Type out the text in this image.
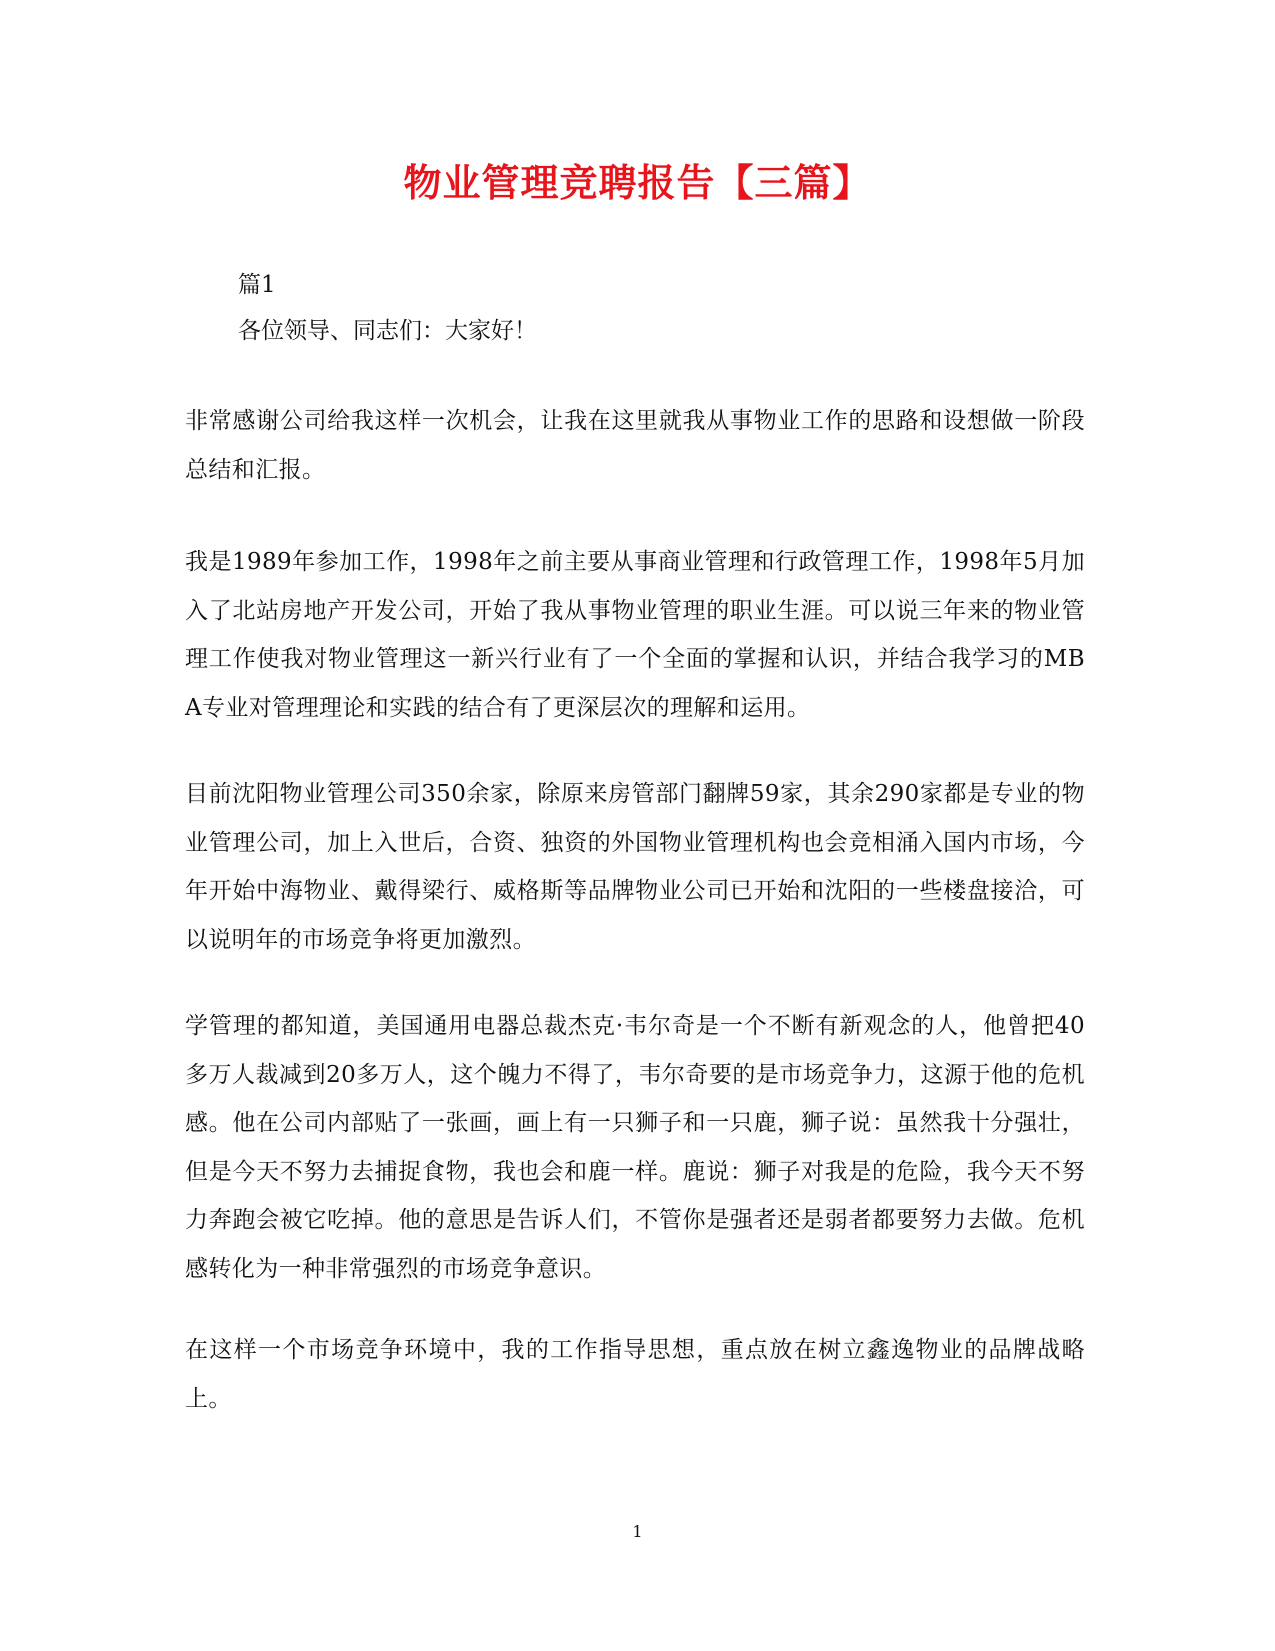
物业管理竞聘报告【三篇】
篇1
各位领导、同志们：大家好！
非常感谢公司给我这样一次机会，让我在这里就我从事物业工作的思路和设想做一阶段总结和汇报。
我是1989年参加工作，1998年之前主要从事商业管理和行政管理工作，1998年5月加入了北站房地产开发公司，开始了我从事物业管理的职业生涯。可以说三年来的物业管理工作使我对物业管理这一新兴行业有了一个全面的掌握和认识，并结合我学习的MBA专业对管理理论和实践的结合有了更深层次的理解和运用。
目前沈阳物业管理公司350余家，除原来房管部门翻牌59家，其余290家都是专业的物业管理公司，加上入世后，合资、独资的外国物业管理机构也会竞相涌入国内市场，今年开始中海物业、戴得梁行、威格斯等品牌物业公司已开始和沈阳的一些楼盘接洽，可以说明年的市场竞争将更加激烈。
学管理的都知道，美国通用电器总裁杰克·韦尔奇是一个不断有新观念的人，他曾把40多万人裁减到20多万人，这个魄力不得了，韦尔奇要的是市场竞争力，这源于他的危机感。他在公司内部贴了一张画，画上有一只狮子和一只鹿，狮子说：虽然我十分强壮，但是今天不努力去捕捉食物，我也会和鹿一样。鹿说：狮子对我是的危险，我今天不努力奔跑会被它吃掉。他的意思是告诉人们，不管你是强者还是弱者都要努力去做。危机感转化为一种非常强烈的市场竞争意识。
在这样一个市场竞争环境中，我的工作指导思想，重点放在树立鑫逸物业的品牌战略上。
1
